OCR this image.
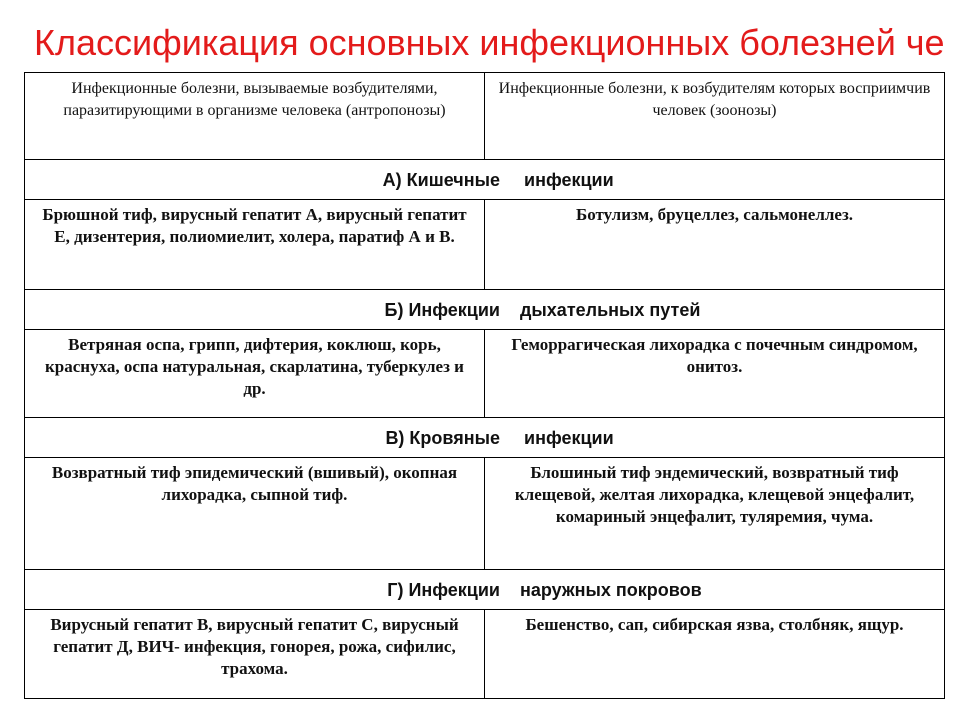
Классификация основных инфекционных болезней че
Инфекционные болезни, вызываемые возбудителями, паразитирующими в организме человека (антропонозы)	Инфекционные болезни, к возбудителям которых восприимчив человек (зоонозы)
А) Кишечные инфекции	
Брюшной тиф, вирусный гепатит А, вирусный гепатит Е, дизентерия, полиомиелит, холера, паратиф А и В.	Ботулизм, бруцеллез, сальмонеллез.
Б) Инфекции дыхательных путей	
Ветряная оспа, грипп, дифтерия, коклюш, корь, краснуха, оспа натуральная, скарлатина, туберкулез и др.	Геморрагическая лихорадка с почечным синдромом, онитоз.
В) Кровяные инфекции	
Возвратный тиф эпидемический (вшивый), окопная лихорадка, сыпной тиф.	Блошиный тиф эндемический, возвратный тиф клещевой, желтая лихорадка, клещевой энцефалит, комариный энцефалит, туляремия, чума.
Г) Инфекции наружных покровов	
Вирусный гепатит В, вирусный гепатит С, вирусный гепатит Д, ВИЧ- инфекция, гонорея, рожа, сифилис, трахома.	Бешенство, сап, сибирская язва, столбняк, ящур.
